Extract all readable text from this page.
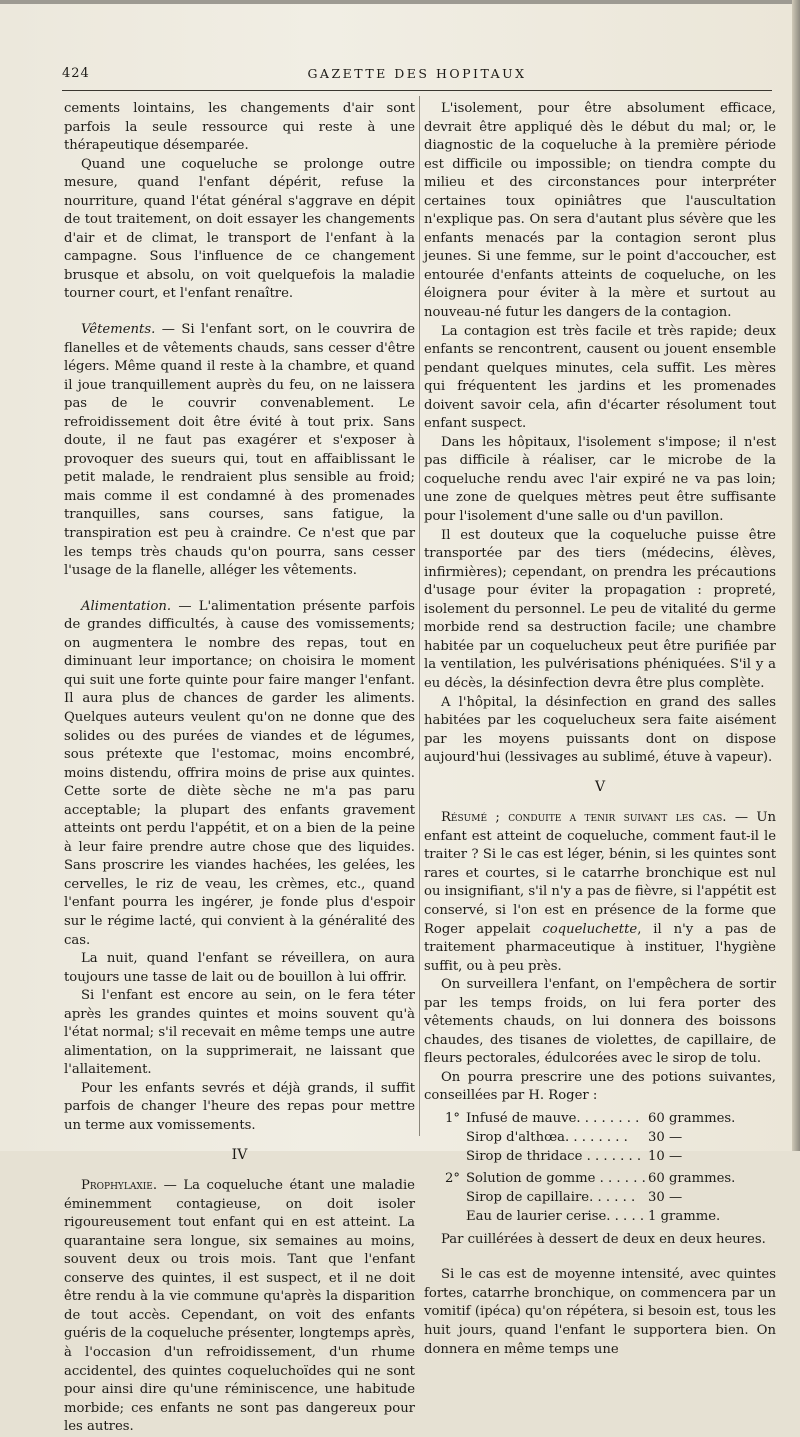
424	GAZETTE DES HOPITAUX

cements lointains, les changements d'air sont parfois la seule ressource qui reste à une thérapeutique désemparée.

Quand une coqueluche se prolonge outre mesure, quand l'enfant dépérit, refuse la nourriture, quand l'état général s'aggrave en dépit de tout traitement, on doit essayer les changements d'air et de climat, le transport de l'enfant à la campagne. Sous l'influence de ce changement brusque et absolu, on voit quelquefois la maladie tourner court, et l'enfant renaître.

Vêtements. — Si l'enfant sort, on le couvrira de flanelles et de vêtements chauds, sans cesser d'être légers. Même quand il reste à la chambre, et quand il joue tranquillement auprès du feu, on ne laissera pas de le couvrir convenablement. Le refroidissement doit être évité à tout prix. Sans doute, il ne faut pas exagérer et s'exposer à provoquer des sueurs qui, tout en affaiblissant le petit malade, le rendraient plus sensible au froid; mais comme il est condamné à des promenades tranquilles, sans courses, sans fatigue, la transpiration est peu à craindre. Ce n'est que par les temps très chauds qu'on pourra, sans cesser l'usage de la flanelle, alléger les vêtements.

Alimentation. — L'alimentation présente parfois de grandes difficultés, à cause des vomissements; on augmentera le nombre des repas, tout en diminuant leur importance; on choisira le moment qui suit une forte quinte pour faire manger l'enfant. Il aura plus de chances de garder les aliments. Quelques auteurs veulent qu'on ne donne que des solides ou des purées de viandes et de légumes, sous prétexte que l'estomac, moins encombré, moins distendu, offrira moins de prise aux quintes. Cette sorte de diète sèche ne m'a pas paru acceptable; la plupart des enfants gravement atteints ont perdu l'appétit, et on a bien de la peine à leur faire prendre autre chose que des liquides. Sans proscrire les viandes hachées, les gelées, les cervelles, le riz de veau, les crèmes, etc., quand l'enfant pourra les ingérer, je fonde plus d'espoir sur le régime lacté, qui convient à la généralité des cas.

La nuit, quand l'enfant se réveillera, on aura toujours une tasse de lait ou de bouillon à lui offrir.

Si l'enfant est encore au sein, on le fera téter après les grandes quintes et moins souvent qu'à l'état normal; s'il recevait en même temps une autre alimentation, on la supprimerait, ne laissant que l'allaitement.

Pour les enfants sevrés et déjà grands, il suffit parfois de changer l'heure des repas pour mettre un terme aux vomissements.

IV

Prophylaxie. — La coqueluche étant une maladie éminemment contagieuse, on doit isoler rigoureusement tout enfant qui en est atteint. La quarantaine sera longue, six semaines au moins, souvent deux ou trois mois. Tant que l'enfant conserve des quintes, il est suspect, et il ne doit être rendu à la vie commune qu'après la disparition de tout accès. Cependant, on voit des enfants guéris de la coqueluche présenter, longtemps après, à l'occasion d'un refroidissement, d'un rhume accidentel, des quintes coqueluchoïdes qui ne sont pour ainsi dire qu'une réminiscence, une habitude morbide; ces enfants ne sont pas dangereux pour les autres.

L'isolement, pour être absolument efficace, devrait être appliqué dès le début du mal; or, le diagnostic de la coqueluche à la première période est difficile ou impossible; on tiendra compte du milieu et des circonstances pour interpréter certaines toux opiniâtres que l'auscultation n'explique pas. On sera d'autant plus sévère que les enfants menacés par la contagion seront plus jeunes. Si une femme, sur le point d'accoucher, est entourée d'enfants atteints de coqueluche, on les éloignera pour éviter à la mère et surtout au nouveau-né futur les dangers de la contagion.

La contagion est très facile et très rapide; deux enfants se rencontrent, causent ou jouent ensemble pendant quelques minutes, cela suffit. Les mères qui fréquentent les jardins et les promenades doivent savoir cela, afin d'écarter résolument tout enfant suspect.

Dans les hôpitaux, l'isolement s'impose; il n'est pas difficile à réaliser, car le microbe de la coqueluche rendu avec l'air expiré ne va pas loin; une zone de quelques mètres peut être suffisante pour l'isolement d'une salle ou d'un pavillon.

Il est douteux que la coqueluche puisse être transportée par des tiers (médecins, élèves, infirmières); cependant, on prendra les précautions d'usage pour éviter la propagation : propreté, isolement du personnel. Le peu de vitalité du germe morbide rend sa destruction facile; une chambre habitée par un coquelucheux peut être purifiée par la ventilation, les pulvérisations phéniquées. S'il y a eu décès, la désinfection devra être plus complète.

A l'hôpital, la désinfection en grand des salles habitées par les coquelucheux sera faite aisément par les moyens puissants dont on dispose aujourd'hui (lessivages au sublimé, étuve à vapeur).

V

Résumé ; conduite a tenir suivant les cas. — Un enfant est atteint de coqueluche, comment faut-il le traiter ? Si le cas est léger, bénin, si les quintes sont rares et courtes, si le catarrhe bronchique est nul ou insignifiant, s'il n'y a pas de fièvre, si l'appétit est conservé, si l'on est en présence de la forme que Roger appelait coqueluchette, il n'y a pas de traitement pharmaceutique à instituer, l'hygiène suffit, ou à peu près.

On surveillera l'enfant, on l'empêchera de sortir par les temps froids, on lui fera porter des vêtements chauds, on lui donnera des boissons chaudes, des tisanes de violettes, de capillaire, de fleurs pectorales, édulcorées avec le sirop de tolu.

On pourra prescrire une des potions suivantes, conseillées par H. Roger :

1° Infusé de mauve. . . . . . . . 60 grammes.
Sirop d'althœa. . . . . . . .	30 —
Sirop de thridace . . . . . . . 10 —
2° Solution de gomme . . . . . . 60 grammes.
Sirop de capillaire. . . . . . 30 —
Eau de laurier cerise. . . . . 1 gramme.

Par cuillérées à dessert de deux en deux heures.

Si le cas est de moyenne intensité, avec quintes fortes, catarrhe bronchique, on commencera par un vomitif (ipéca) qu'on répétera, si besoin est, tous les huit jours, quand l'enfant le supportera bien. On donnera en même temps une
